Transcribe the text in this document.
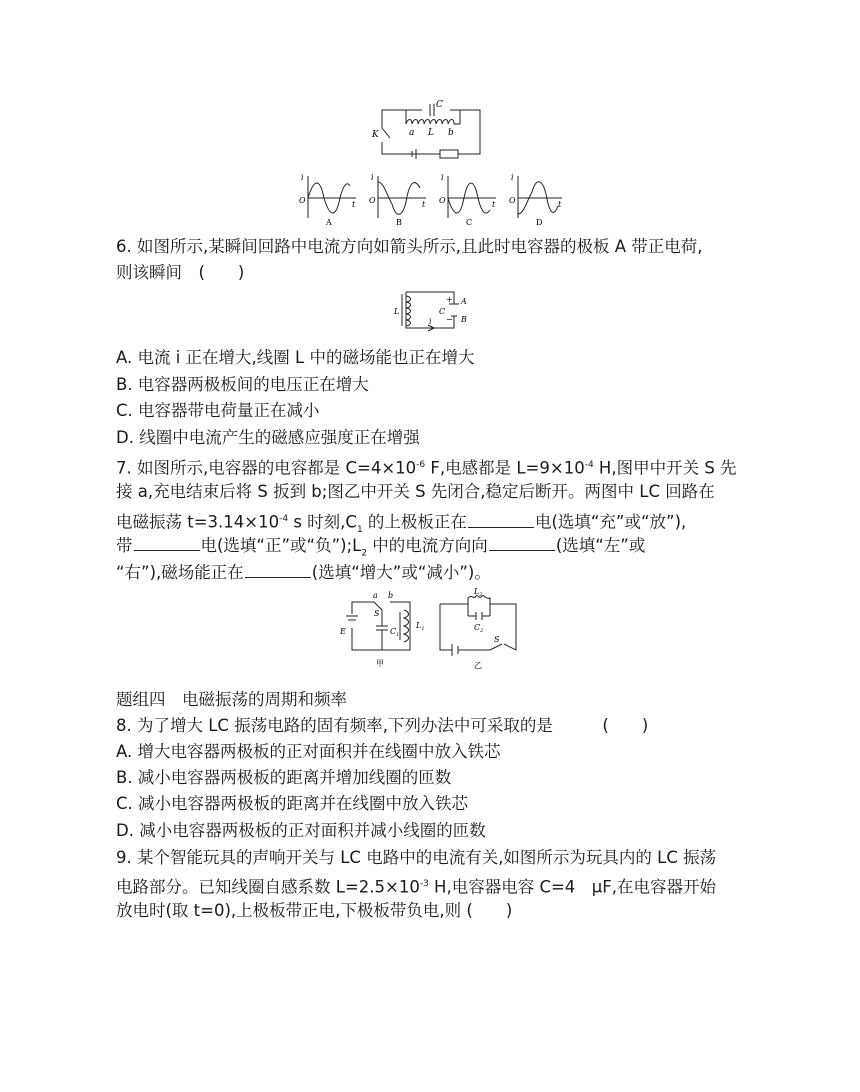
C
K	a L b
i
O	t
A
i
O	t
B
i
O	t
C
i
O	t
D
6. 如图所示,某瞬间回路中电流方向如箭头所示,且此时电容器的极板 A 带正电荷,
则该瞬间　(　　)
L	C
+
−
A
B
i
A. 电流 i 正在增大,线圈 L 中的磁场能也正在增大
B. 电容器两极板间的电压正在增大
C. 电容器带电荷量正在减小
D. 线圈中电流产生的磁感应强度正在增强
7. 如图所示,电容器的电容都是 $C=4\times 10^{-6}$ F,电感都是 $L=9\times 10^{-4}$ H,图甲中开关 S 先
接 a,充电结束后将 S 扳到 b;图乙中开关 S 先闭合,稳定后断开。两图中 LC 回路在
电磁振荡 $t=3.14\times 10^{-4}$ s 时刻$,C_1$ 的上极板正在	电(选填“充”或“放”),
带	电(选填“正”或“负$”);L_2$ 中的电流方向向	(选填“左”或
“右”),磁场能正在	(选填“增大”或“减小”)。
a b
S
E	$C_1$
$L_1$
甲
$L_2$
$C_2$
S
乙
题组四　电磁振荡的周期和频率
8. 为了增大 LC 振荡电路的固有频率,下列办法中可采取的是　　　(　　)
A. 增大电容器两极板的正对面积并在线圈中放入铁芯
B. 减小电容器两极板的距离并增加线圈的匝数
C. 减小电容器两极板的距离并在线圈中放入铁芯
D. 减小电容器两极板的正对面积并减小线圈的匝数
9. 某个智能玩具的声响开关与 LC 电路中的电流有关,如图所示为玩具内的 LC 振荡
电路部分。已知线圈自感系数 $L=2.5\times 10^{-3}$ H,电容器电容 C=4　μF,在电容器开始
放电时(取 t=0),上极板带正电,下极板带负电,则 (　　)
